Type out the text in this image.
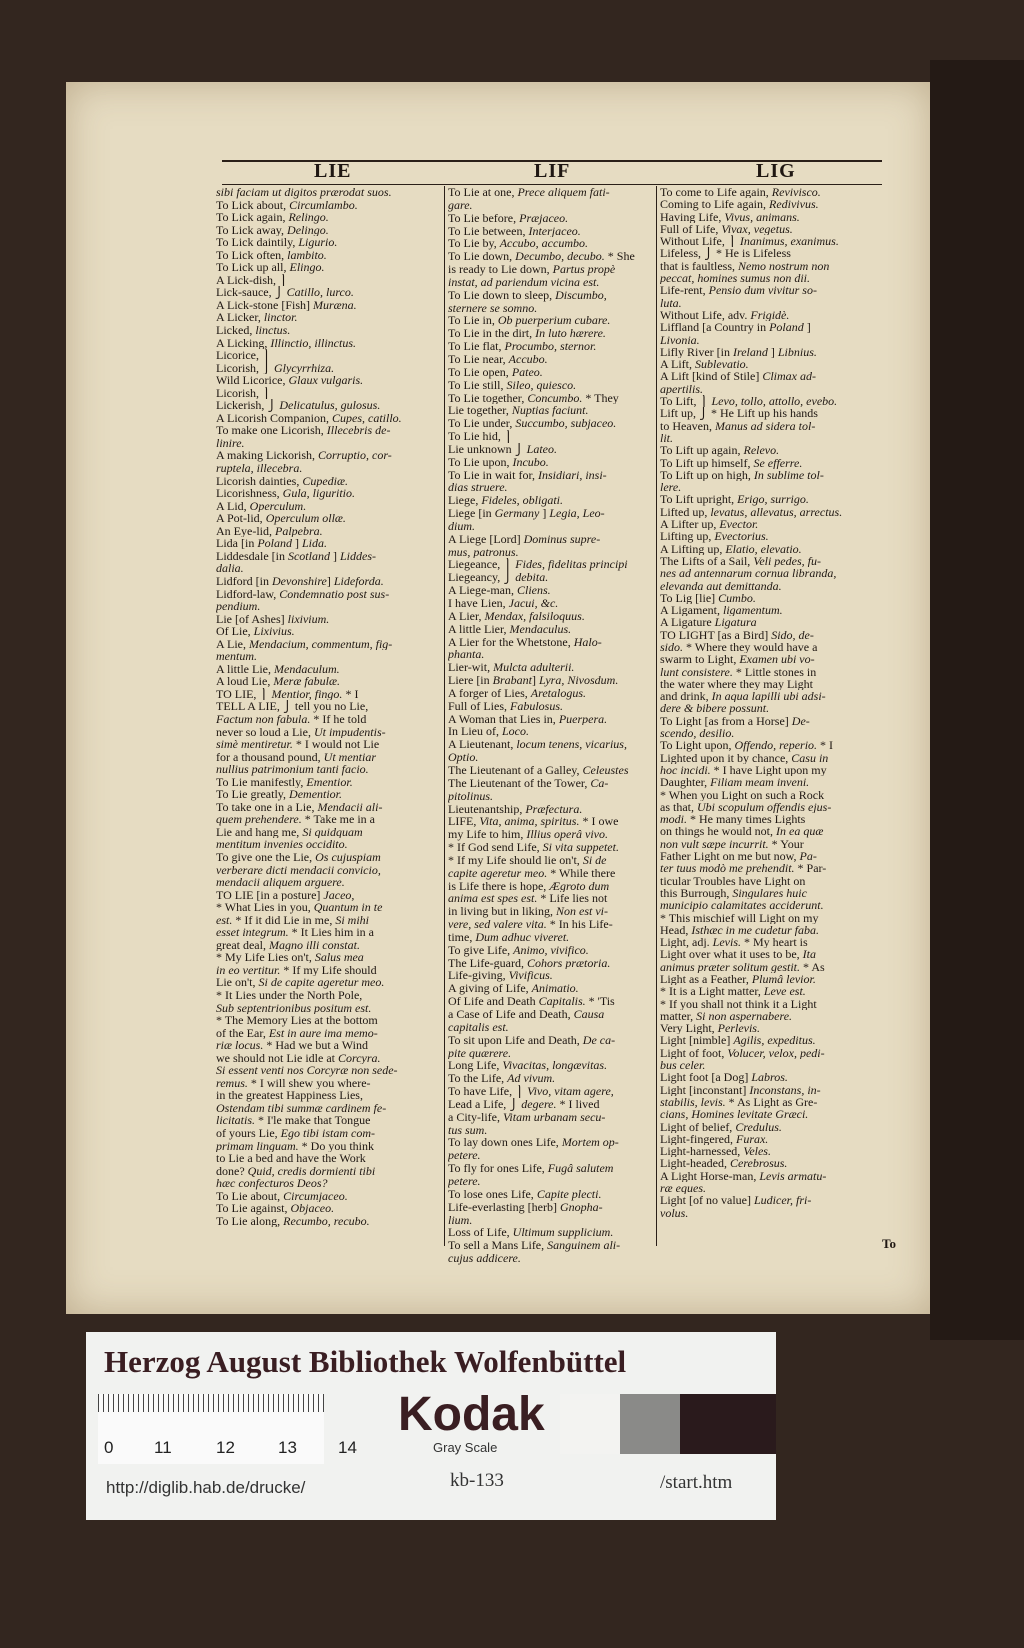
LIE	LIF	LIG
sibi faciam ut digitos prærodat suos.
To Lick about, Circumlambo.
To Lick again, Relingo.
To Lick away, Delingo.
To Lick daintily, Ligurio.
To Lick often, lambito.
To Lick up all, Elingo.
A Lick-dish, ⎫
Lick-sauce, ⎭ Catillo, lurco.
A Lick-stone [Fish] Muræna.
A Licker, linctor.
Licked, linctus.
A Licking, Illinctio, illinctus.
Licorice, ⎫
Licorish, ⎭ Glycyrrhiza.
Wild Licorice, Glaux vulgaris.
Licorish, ⎫
Lickerish, ⎭ Delicatulus, gulosus.
A Licorish Companion, Cupes, catillo.
To make one Licorish, Illecebris de-
linire.
A making Lickorish, Corruptio, cor-
ruptela, illecebra.
Licorish dainties, Cupediæ.
Licorishness, Gula, liguritio.
A Lid, Operculum.
A Pot-lid, Operculum ollæ.
An Eye-lid, Palpebra.
Lida [in Poland ] Lida.
Liddesdale [in Scotland ] Liddes-
dalia.
Lidford [in Devonshire] Lideforda.
Lidford-law, Condemnatio post sus-
pendium.
Lie [of Ashes] lixivium.
Of Lie, Lixivius.
A Lie, Mendacium, commentum, fig-
mentum.
A little Lie, Mendaculum.
A loud Lie, Meræ fabulæ.
TO LIE, ⎫ Mentior, fingo. * I
TELL A LIE, ⎭ tell you no Lie,
Factum non fabula. * If he told
never so loud a Lie, Ut impudentis-
simè mentiretur. * I would not Lie
for a thousand pound, Ut mentiar
nullius patrimonium tanti facio.
To Lie manifestly, Ementior.
To Lie greatly, Dementior.
To take one in a Lie, Mendacii ali-
quem prehendere. * Take me in a
Lie and hang me, Si quidquam
mentitum invenies occidito.
To give one the Lie, Os cujuspiam
verberare dicti mendacii convicio,
mendacii aliquem arguere.
TO LIE [in a posture] Jaceo,
* What Lies in you, Quantum in te
est. * If it did Lie in me, Si mihi
esset integrum. * It Lies him in a
great deal, Magno illi constat.
* My Life Lies on't, Salus mea
in eo vertitur. * If my Life should
Lie on't, Si de capite ageretur meo.
* It Lies under the North Pole,
Sub septentrionibus positum est.
* The Memory Lies at the bottom
of the Ear, Est in aure ima memo-
riæ locus. * Had we but a Wind
we should not Lie idle at Corcyra.
Si essent venti nos Corcyræ non sede-
remus. * I will shew you where-
in the greatest Happiness Lies,
Ostendam tibi summæ cardinem fe-
licitatis. * I'le make that Tongue
of yours Lie, Ego tibi istam com-
primam linguam. * Do you think
to Lie a bed and have the Work
done? Quid, credis dormienti tibi
hæc confecturos Deos?
To Lie about, Circumjaceo.
To Lie against, Objaceo.
To Lie along, Recumbo, recubo.
To Lie at one, Prece aliquem fati-
gare.
To Lie before, Præjaceo.
To Lie between, Interjaceo.
To Lie by, Accubo, accumbo.
To Lie down, Decumbo, decubo. * She
is ready to Lie down, Partus propè
instat, ad pariendum vicina est.
To Lie down to sleep, Discumbo,
sternere se somno.
To Lie in, Ob puerperium cubare.
To Lie in the dirt, In luto hærere.
To Lie flat, Procumbo, sternor.
To Lie near, Accubo.
To Lie open, Pateo.
To Lie still, Sileo, quiesco.
To Lie together, Concumbo. * They
Lie together, Nuptias faciunt.
To Lie under, Succumbo, subjaceo.
To Lie hid, ⎫
Lie unknown ⎭ Lateo.
To Lie upon, Incubo.
To Lie in wait for, Insidiari, insi-
dias struere.
Liege, Fideles, obligati.
Liege [in Germany ] Legia, Leo-
dium.
A Liege [Lord] Dominus supre-
mus, patronus.
Liegeance, ⎫ Fides, fidelitas principi
Liegeancy, ⎭ debita.
A Liege-man, Cliens.
I have Lien, Jacui, &c.
A Lier, Mendax, falsiloquus.
A little Lier, Mendaculus.
A Lier for the Whetstone, Halo-
phanta.
Lier-wit, Mulcta adulterii.
Liere [in Brabant] Lyra, Nivosdum.
A forger of Lies, Aretalogus.
Full of Lies, Fabulosus.
A Woman that Lies in, Puerpera.
In Lieu of, Loco.
A Lieutenant, locum tenens, vicarius,
Optio.
The Lieutenant of a Galley, Celeustes
The Lieutenant of the Tower, Ca-
pitolinus.
Lieutenantship, Præfectura.
LIFE, Vita, anima, spiritus. * I owe
my Life to him, Illius operâ vivo.
* If God send Life, Si vita suppetet.
* If my Life should lie on't, Si de
capite ageretur meo. * While there
is Life there is hope, Ægroto dum
anima est spes est. * Life lies not
in living but in liking, Non est vi-
vere, sed valere vita. * In his Life-
time, Dum adhuc viveret.
To give Life, Animo, vivifico.
The Life-guard, Cohors prætoria.
Life-giving, Vivificus.
A giving of Life, Animatio.
Of Life and Death Capitalis. * 'Tis
a Case of Life and Death, Causa
capitalis est.
To sit upon Life and Death, De ca-
pite quærere.
Long Life, Vivacitas, longævitas.
To the Life, Ad vivum.
To have Life, ⎫ Vivo, vitam agere,
Lead a Life, ⎭ degere. * I lived
a City-life, Vitam urbanam secu-
tus sum.
To lay down ones Life, Mortem op-
petere.
To fly for ones Life, Fugâ salutem
petere.
To lose ones Life, Capite plecti.
Life-everlasting [herb] Gnopha-
lium.
Loss of Life, Ultimum supplicium.
To sell a Mans Life, Sanguinem ali-
cujus addicere.
To come to Life again, Revivisco.
Coming to Life again, Redivivus.
Having Life, Vivus, animans.
Full of Life, Vivax, vegetus.
Without Life, ⎫ Inanimus, exanimus.
Lifeless, ⎭ * He is Lifeless
that is faultless, Nemo nostrum non
peccat, homines sumus non dii.
Life-rent, Pensio dum vivitur so-
luta.
Without Life, adv. Frigidè.
Liffland [a Country in Poland ]
Livonia.
Lifly River [in Ireland ] Libnius.
A Lift, Sublevatio.
A Lift [kind of Stile] Climax ad-
apertilis.
To Lift, ⎫ Levo, tollo, attollo, evebo.
Lift up, ⎭ * He Lift up his hands
to Heaven, Manus ad sidera tol-
lit.
To Lift up again, Relevo.
To Lift up himself, Se efferre.
To Lift up on high, In sublime tol-
lere.
To Lift upright, Erigo, surrigo.
Lifted up, levatus, allevatus, arrectus.
A Lifter up, Evector.
Lifting up, Evectorius.
A Lifting up, Elatio, elevatio.
The Lifts of a Sail, Veli pedes, fu-
nes ad antennarum cornua libranda,
elevanda aut demittanda.
To Lig [lie] Cumbo.
A Ligament, ligamentum.
A Ligature Ligatura
TO LIGHT [as a Bird] Sido, de-
sido. * Where they would have a
swarm to Light, Examen ubi vo-
lunt consistere. * Little stones in
the water where they may Light
and drink, In aqua lapilli ubi adsi-
dere & bibere possunt.
To Light [as from a Horse] De-
scendo, desilio.
To Light upon, Offendo, reperio. * I
Lighted upon it by chance, Casu in
hoc incidi. * I have Light upon my
Daughter, Filiam meam inveni.
* When you Light on such a Rock
as that, Ubi scopulum offendis ejus-
modi. * He many times Lights
on things he would not, In ea quæ
non vult sæpe incurrit. * Your
Father Light on me but now, Pa-
ter tuus modò me prehendit. * Par-
ticular Troubles have Light on
this Burrough, Singulares huic
municipio calamitates acciderunt.
* This mischief will Light on my
Head, Isthæc in me cudetur faba.
Light, adj. Levis. * My heart is
Light over what it uses to be, Ita
animus præter solitum gestit. * As
Light as a Feather, Plumâ levior.
* It is a Light matter, Leve est.
* If you shall not think it a Light
matter, Si non aspernabere.
Very Light, Perlevis.
Light [nimble] Agilis, expeditus.
Light of foot, Volucer, velox, pedi-
bus celer.
Light foot [a Dog] Labros.
Light [inconstant] Inconstans, in-
stabilis, levis. * As Light as Gre-
cians, Homines levitate Græci.
Light of belief, Credulus.
Light-fingered, Furax.
Light-harnessed, Veles.
Light-headed, Cerebrosus.
A Light Horse-man, Levis armatu-
ræ eques.
Light [of no value] Ludicer, fri-
volus.
To
Herzog August Bibliothek Wolfenbüttel
0 11	12	13 14
Kodak
Gray Scale
http://diglib.hab.de/drucke/	kb-133	/start.htm
